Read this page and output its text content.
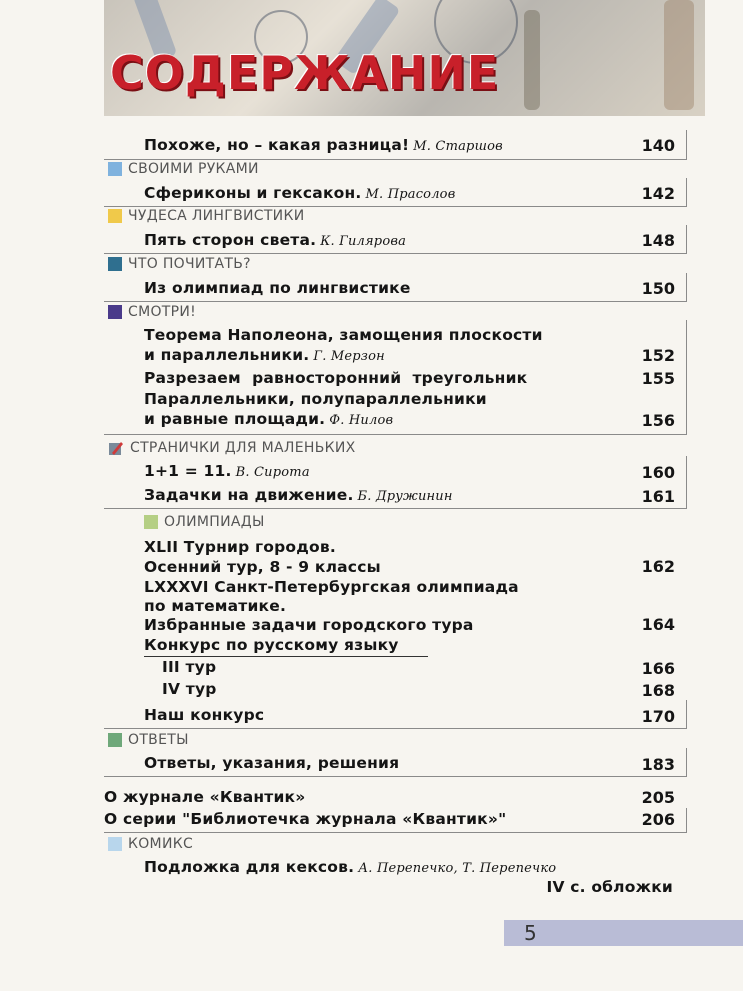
СОДЕРЖАНИЕ
Похоже, но – какая разница! М. Старшов	140
СВОИМИ РУКАМИ
Сфериконы и гексакон. М. Прасолов	142
ЧУДЕСА ЛИНГВИСТИКИ
Пять сторон света. К. Гилярова	148
ЧТО ПОЧИТАТЬ?
Из олимпиад по лингвистике	150
СМОТРИ!
Теорема Наполеона, замощения плоскости
и параллельники. Г. Мерзон	152
Разрезаем  равносторонний  треугольник	155
Параллельники, полупараллельники
и равные площади. Ф. Нилов	156
СТРАНИЧКИ ДЛЯ МАЛЕНЬКИХ
1+1 = 11. В. Сирота	160
Задачки на движение. Б. Дружинин	161
ОЛИМПИАДЫ
XLII Турнир городов.
Осенний тур, 8 - 9 классы	162
LXXXVI Санкт-Петербургская олимпиада
по математике.
Избранные задачи городского тура	164
Конкурс по русскому языку
III тур	166
IV тур	168
Наш конкурс	170
ОТВЕТЫ
Ответы, указания, решения	183
О журнале «Квантик»	205
О серии "Библиотечка журнала «Квантик»"	206
КОМИКС
Подложка для кексов. А. Перепечко, Т. Перепечко
IV с. обложки
5
